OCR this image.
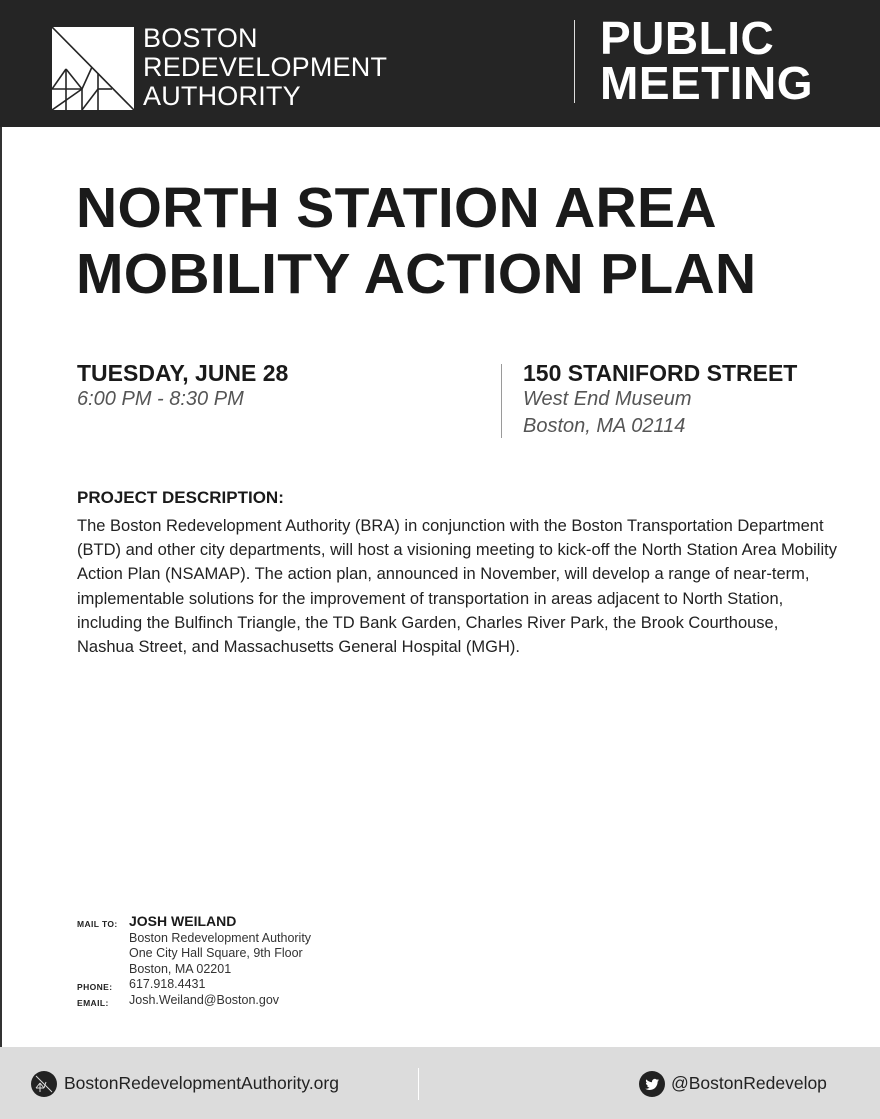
BOSTON
REDEVELOPMENT
AUTHORITY
PUBLIC
MEETING
NORTH STATION AREA
MOBILITY ACTION PLAN
TUESDAY, JUNE 28
6:00 PM - 8:30 PM
150 STANIFORD STREET
West End Museum
Boston, MA 02114
PROJECT DESCRIPTION:
The Boston Redevelopment Authority (BRA) in conjunction with the Boston Transportation Department (BTD) and other city departments, will host a visioning meeting to kick-off the North Station Area Mobility Action Plan (NSAMAP). The action plan, announced in November, will develop a range of near-term, implementable solutions for the improvement of transportation in areas adjacent to North Station, including the Bulfinch Triangle, the TD Bank Garden, Charles River Park, the Brook Courthouse, Nashua Street, and Massachusetts General Hospital (MGH).
MAIL TO: JOSH WEILAND
Boston Redevelopment Authority
One City Hall Square, 9th Floor
Boston, MA 02201
PHONE: 617.918.4431
EMAIL: Josh.Weiland@Boston.gov
BostonRedevelopmentAuthority.org	@BostonRedevelop
